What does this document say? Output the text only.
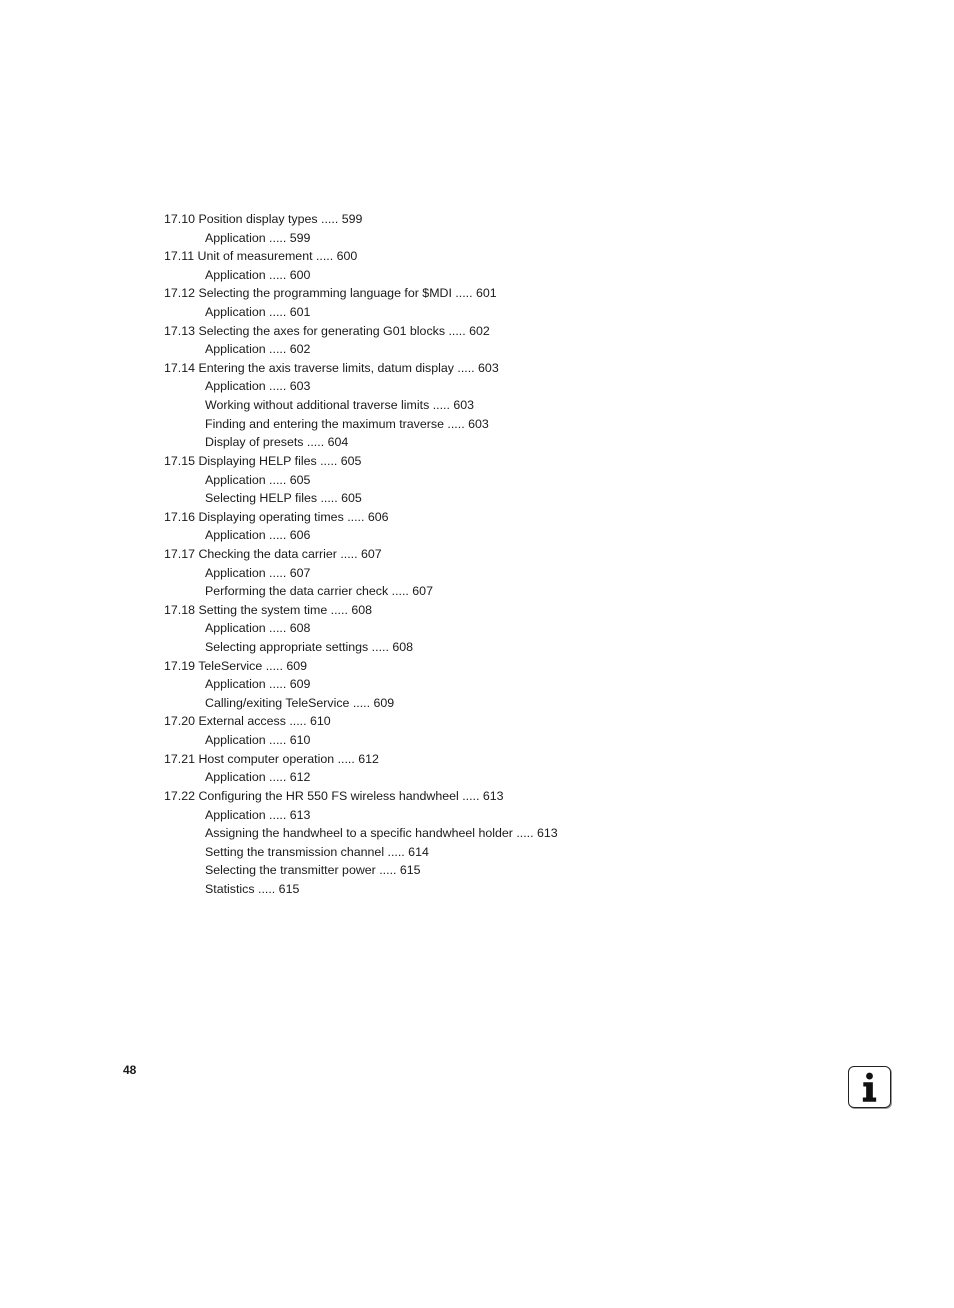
17.10 Position display types ..... 599
Application ..... 599
17.11 Unit of measurement ..... 600
Application ..... 600
17.12 Selecting the programming language for $MDI ..... 601
Application ..... 601
17.13 Selecting the axes for generating G01 blocks ..... 602
Application ..... 602
17.14 Entering the axis traverse limits, datum display ..... 603
Application ..... 603
Working without additional traverse limits ..... 603
Finding and entering the maximum traverse ..... 603
Display of presets ..... 604
17.15 Displaying HELP files ..... 605
Application ..... 605
Selecting HELP files ..... 605
17.16 Displaying operating times ..... 606
Application ..... 606
17.17 Checking the data carrier ..... 607
Application ..... 607
Performing the data carrier check ..... 607
17.18 Setting the system time ..... 608
Application ..... 608
Selecting appropriate settings ..... 608
17.19 TeleService ..... 609
Application ..... 609
Calling/exiting TeleService ..... 609
17.20 External access ..... 610
Application ..... 610
17.21 Host computer operation ..... 612
Application ..... 612
17.22 Configuring the HR 550 FS wireless handwheel ..... 613
Application ..... 613
Assigning the handwheel to a specific handwheel holder ..... 613
Setting the transmission channel ..... 614
Selecting the transmitter power ..... 615
Statistics ..... 615
48
